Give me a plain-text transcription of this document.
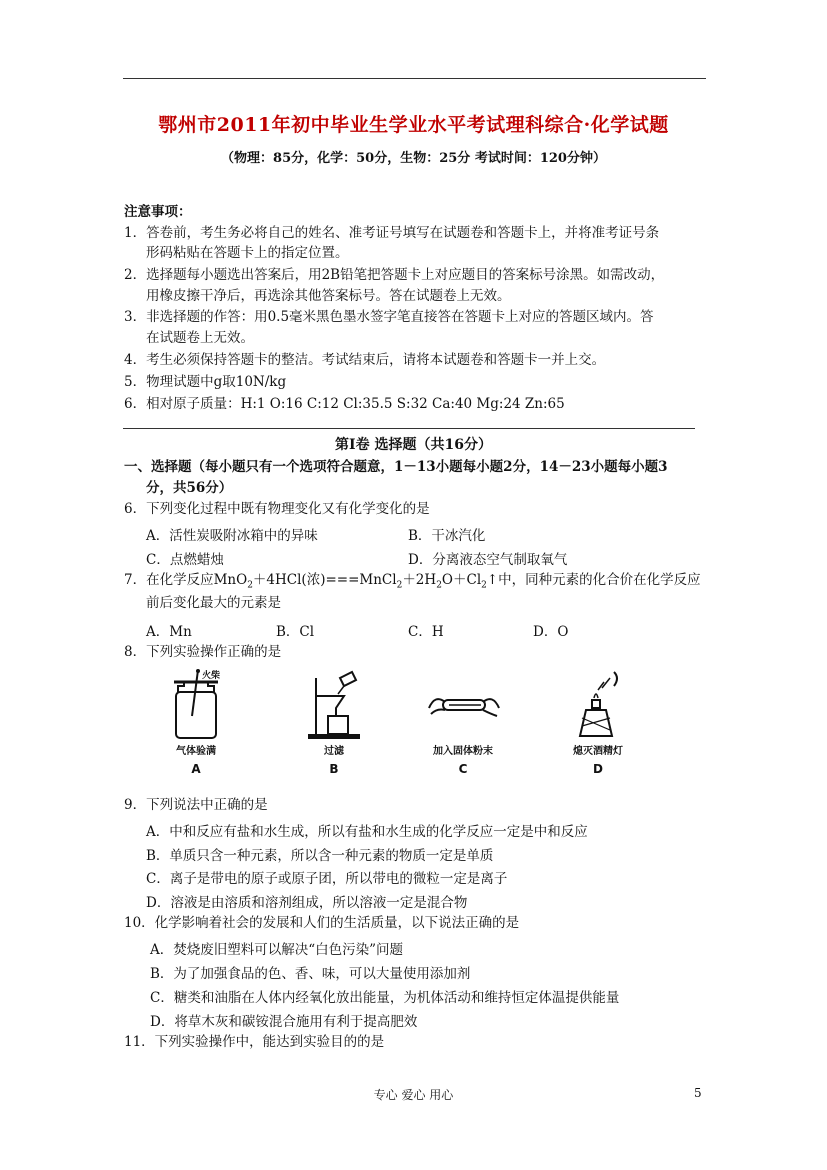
鄂州市2011年初中毕业生学业水平考试理科综合·化学试题
（物理：85分，化学：50分，生物：25分 考试时间：120分钟）
注意事项：
1．答卷前，考生务必将自己的姓名、准考证号填写在试题卷和答题卡上，并将准考证号条
形码粘贴在答题卡上的指定位置。
2．选择题每小题选出答案后，用2B铅笔把答题卡上对应题目的答案标号涂黑。如需改动，
用橡皮擦干净后，再选涂其他答案标号。答在试题卷上无效。
3．非选择题的作答：用0.5毫米黑色墨水签字笔直接答在答题卡上对应的答题区域内。答
在试题卷上无效。
4．考生必须保持答题卡的整洁。考试结束后，请将本试题卷和答题卡一并上交。
5．物理试题中g取10N/kg
6．相对原子质量：H:1 O:16 C:12 Cl:35.5 S:32 Ca:40 Mg:24 Zn:65
第Ⅰ卷 选择题（共16分）
一、选择题（每小题只有一个选项符合题意，1－13小题每小题2分，14－23小题每小题3
分，共56分）
6．下列变化过程中既有物理变化又有化学变化的是
A．活性炭吸附冰箱中的异味	B．干冰汽化
C．点燃蜡烛	D．分离液态空气制取氧气
7．在化学反应MnO$_2$＋4HCl(浓)$===MnCl_2+2H_2O+Cl_2↑$中，同种元素的化合价在化学反应
前后变化最大的元素是
A．Mn	B．Cl	C．H	D．O
8．下列实验操作正确的是
火柴
气体验满
A
过滤
B
加入固体粉末
C
熄灭酒精灯
D
9．下列说法中正确的是
A．中和反应有盐和水生成，所以有盐和水生成的化学反应一定是中和反应
B．单质只含一种元素，所以含一种元素的物质一定是单质
C．离子是带电的原子或原子团，所以带电的微粒一定是离子
D．溶液是由溶质和溶剂组成，所以溶液一定是混合物
10．化学影响着社会的发展和人们的生活质量，以下说法正确的是
A．焚烧废旧塑料可以解决“白色污染”问题
B．为了加强食品的色、香、味，可以大量使用添加剂
C．糖类和油脂在人体内经氧化放出能量，为机体活动和维持恒定体温提供能量
D．将草木灰和碳铵混合施用有利于提高肥效
11．下列实验操作中，能达到实验目的的是
专心 爱心 用心	5
